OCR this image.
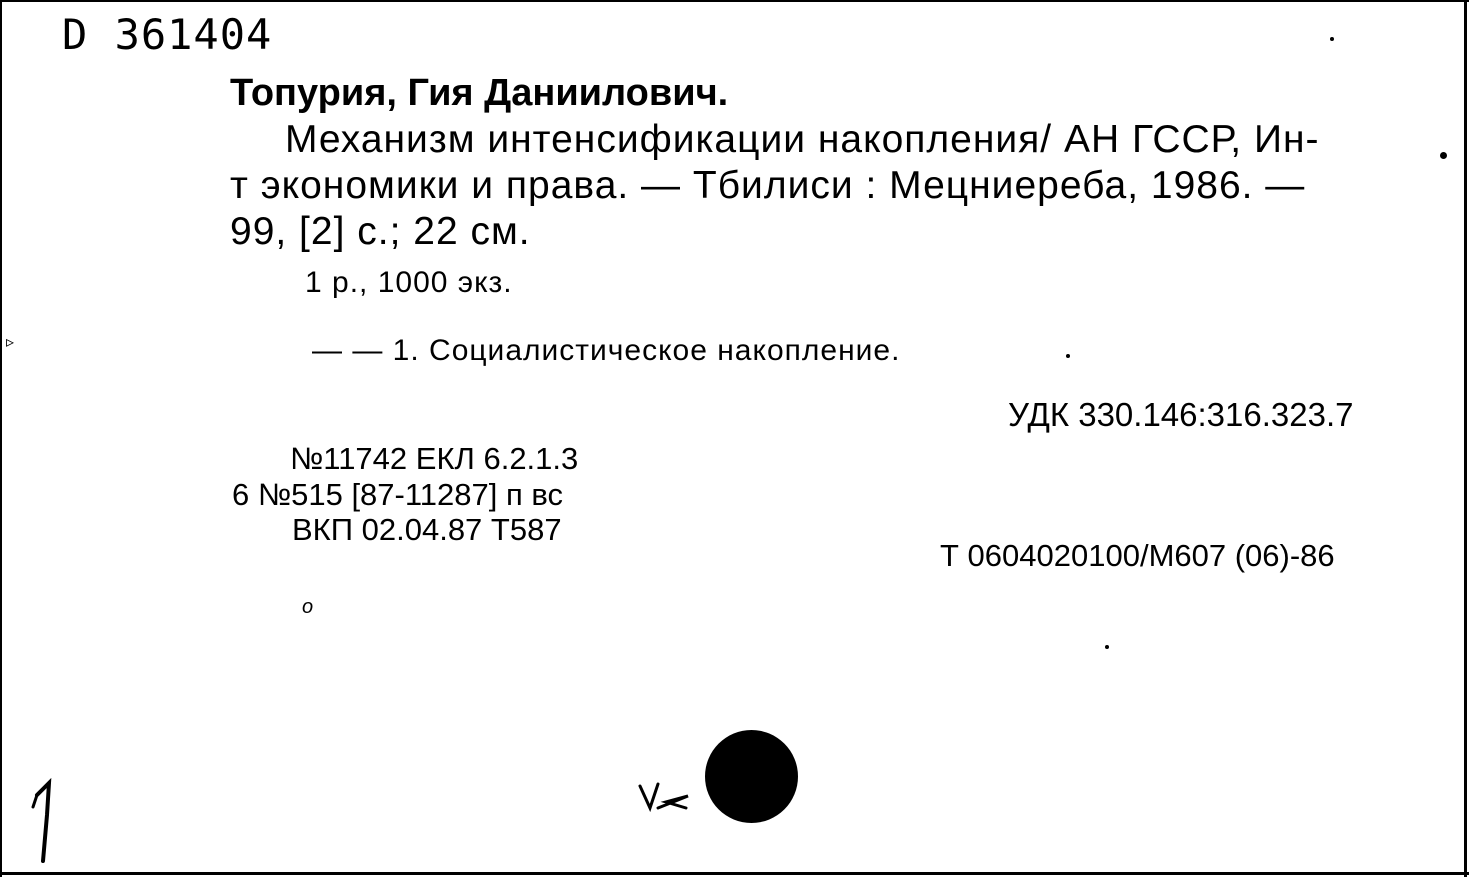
D 361404
Топурия, Гия Даниилович.
Механизм интенсификации накопления/ АН ГССР, Ин-
т экономики и права. — Тбилиси : Мецниереба, 1986. —
99, [2] с.; 22 см.
1 р., 1000 экз.
— — 1. Социалистическое накопление.
УДК 330.146:316.323.7
№11742 ЕКЛ 6.2.1.3
6 №515 [87-11287] п вс
ВКП 02.04.87 Т587
Т 0604020100/М607 (06)-86
о
▹
